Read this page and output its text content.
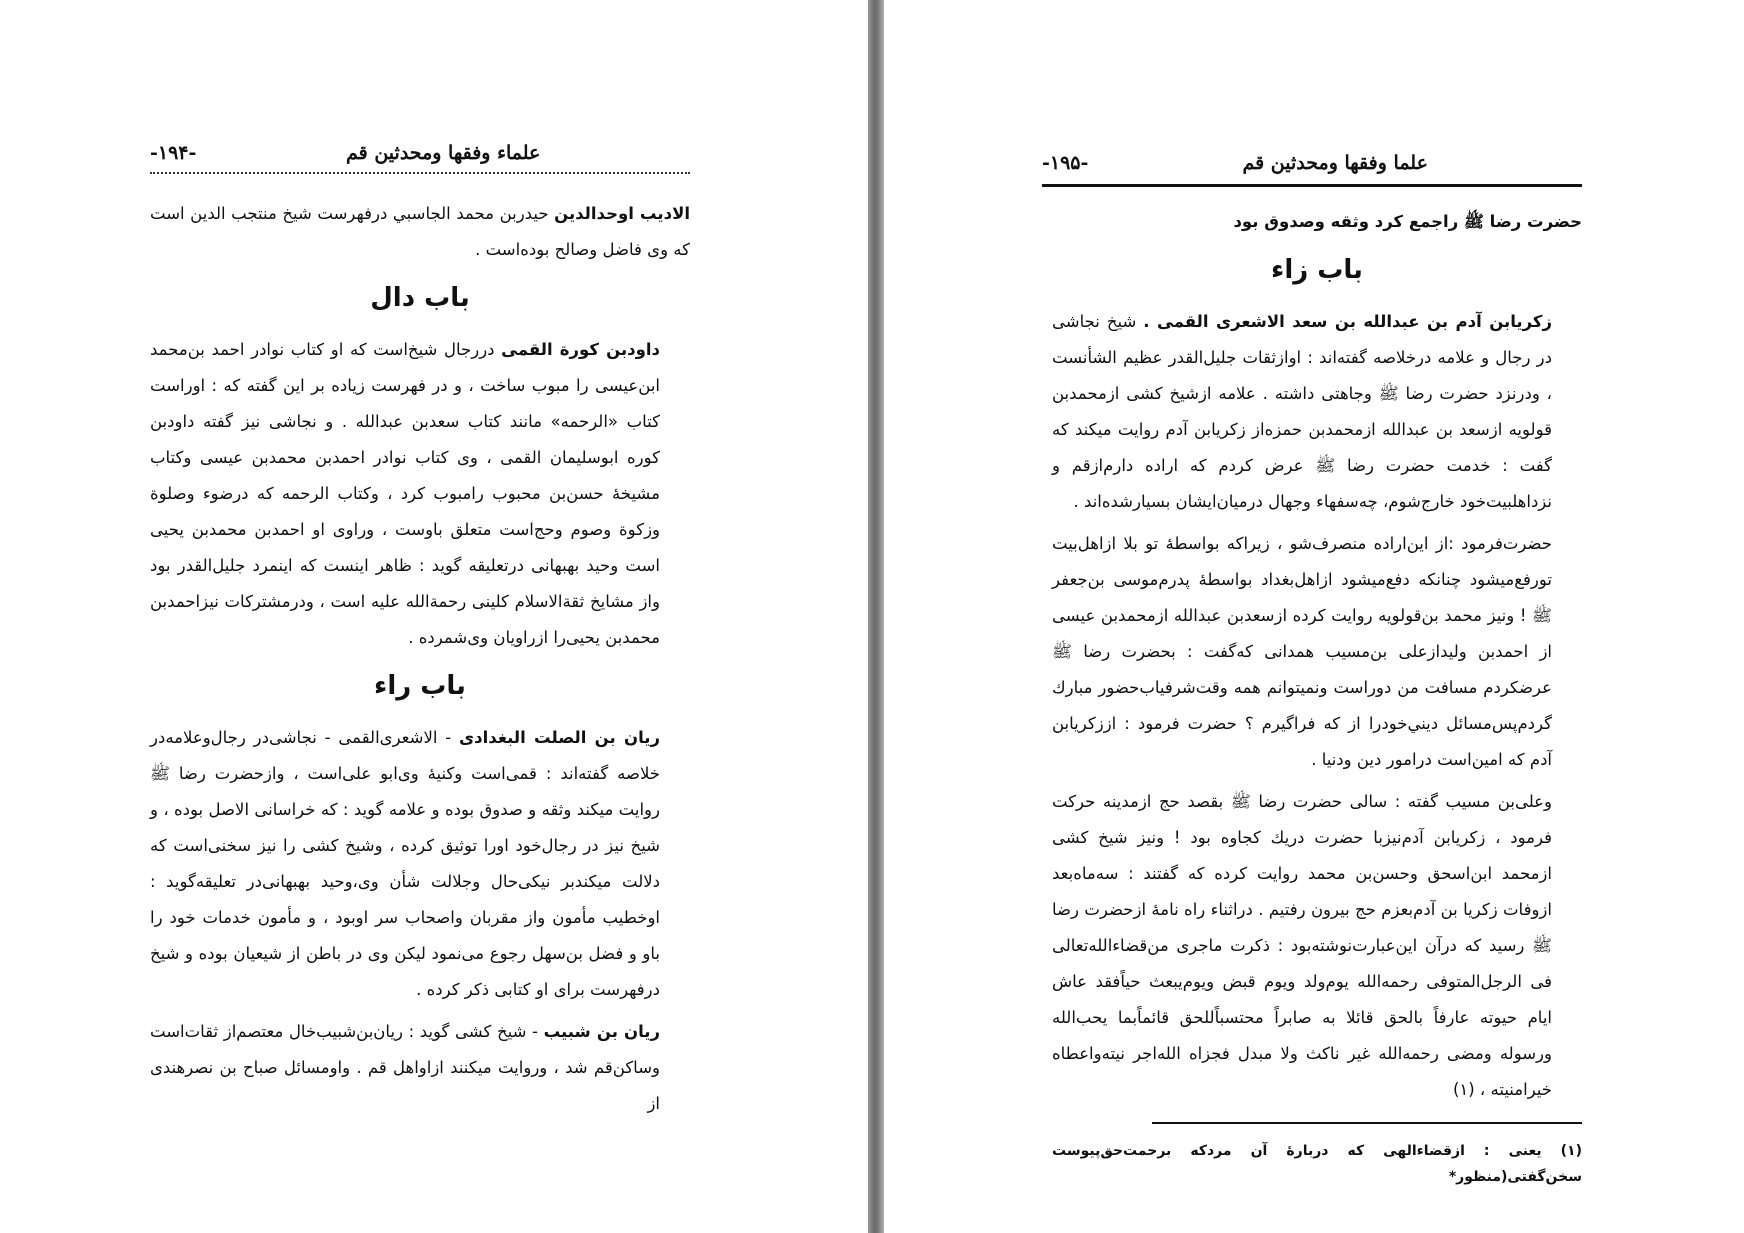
علماء وفقها ومحدثين قم
-۱۹۴-

الاديب اوحدالدين حيدربن محمد الجاسبي درفهرست شيخ منتجب الدين است كه وى فاضل وصالح بوده‌است .

باب دال

داودبن كورة القمى دررجال شيخ‌است كه او كتاب نوادر احمد بن‌محمد ابن‌عيسى را مبوب ساخت ، و در فهرست زياده بر اين گفته كه : اوراست كتاب «الرحمه» مانند كتاب سعدبن عبدالله . و نجاشى نيز گفته داودبن كوره ابوسليمان القمى ، وى كتاب نوادر احمدبن محمدبن عيسى وكتاب مشيخهٔ حسن‌بن محبوب رامبوب كرد ، وكتاب الرحمه كه درضوء وصلوة وزكوة وصوم وحج‌است متعلق باوست ، وراوى او احمدبن محمدبن يحيى است وحيد بهبهانى درتعليقه گويد : ظاهر اينست كه اينمرد جليل‌القدر بود واز مشايخ ثقة‌الاسلام كلينى رحمة‌الله عليه است ، ودرمشتركات نيزاحمدبن محمدبن يحيى‌را ازراويان وى‌شمرده .

باب راء

ريان بن الصلت البغدادى - الاشعرى‌القمى - نجاشى‌در رجال‌وعلامه‌در خلاصه گفته‌اند : قمى‌است وكنيهٔ وى‌ابو على‌است ، وازحضرت رضا ﷺ روايت ميكند وثقه و صدوق بوده و علامه گويد : كه خراسانى الاصل بوده ، و شيخ نيز در رجال‌خود اورا توثيق كرده ، وشيخ كشى را نيز سخنى‌است كه دلالت ميكندبر نيكى‌حال وجلالت شأن وى،وحيد بهبهانى‌در تعليقه‌گويد : اوخطيب مأمون واز مقربان واصحاب سر اوبود ، و مأمون خدمات خود را باو و فضل بن‌سهل رجوع مى‌نمود ليكن وى در باطن از شيعيان بوده و شيخ درفهرست براى او كتابى ذكر كرده .

ريان بن شبيب - شيخ كشى گويد : ريان‌بن‌شبيب‌خال معتصم‌از ثقات‌است وساكن‌قم شد ، وروايت ميكنند ازاواهل قم . واومسائل صباح بن نصرهندى از

علما وفقها ومحدثين قم
-۱۹۵-

حضرت رضا ﷺ راجمع كرد وثقه وصدوق بود

باب زاء

زكريابن آدم بن عبدالله بن سعد الاشعرى القمى . شيخ نجاشى در رجال و علامه درخلاصه گفته‌اند : اوازثقات جليل‌القدر عظيم الشأنست ، ودرنزد حضرت رضا ﷺ وجاهتى داشته . علامه ازشيخ كشى ازمحمدبن قولويه ازسعد بن عبدالله ازمحمدبن حمزه‌از زكريابن آدم روايت ميكند كه گفت : خدمت حضرت رضا ﷺ عرض كردم كه اراده دارم‌ازقم و نزداهلبيت‌خود خارج‌شوم، چه‌سفهاء وجهال درميان‌ايشان بسيارشده‌اند .

حضرت‌فرمود :از اين‌اراده منصرف‌شو ، زيراكه بواسطهٔ تو بلا ازاهل‌بيت تورفع‌ميشود چنانكه دفع‌ميشود ازاهل‌بغداد بواسطهٔ پدرم‌موسى بن‌جعفر ﷺ ! ونيز محمد بن‌قولويه روايت كرده ازسعدبن عبدالله ازمحمدبن عيسى از احمدبن وليدازعلى بن‌مسيب همدانى كه‌گفت : بحضرت رضا ﷺ عرضكردم مسافت من دوراست ونميتوانم همه وقت‌شرفياب‌حضور مبارك گردم‌پس‌مسائل ديني‌خودرا از كه فراگيرم ؟ حضرت فرمود : اززكريابن آدم كه امين‌است درامور دين ودنيا .

وعلى‌بن مسيب گفته : سالى حضرت رضا ﷺ بقصد حج ازمدينه حركت فرمود ، زكريابن آدم‌نيزبا حضرت دريك كجاوه بود ! ونيز شيخ كشى ازمحمد ابن‌اسحق وحسن‌بن محمد روايت كرده كه گفتند : سه‌ماه‌بعد ازوفات زكريا بن آدم‌بعزم حج بيرون رفتيم . دراثناء راه نامهٔ ازحضرت رضا ﷺ رسيد كه درآن اين‌عبارت‌نوشته‌بود : ذكرت ماجرى من‌قضاءالله‌تعالى فى الرجل‌المتوفى رحمه‌الله يوم‌ولد ويوم قبض ويوم‌يبعث حياًفقد عاش ايام حيوته عارفاً بالحق قائلا به صابراً محتسباًللحق قائماًبما يحب‌الله ورسوله ومضى رحمه‌الله غير ناكث ولا مبدل فجزاه الله‌اجر نيته‌واعطاه خيرامنيته ، (۱)

(۱) يعنى : ازقضاءالهى كه دربارهٔ آن مردكه برحمت‌حق‌پيوست سخن‌گفتى(منظور*
